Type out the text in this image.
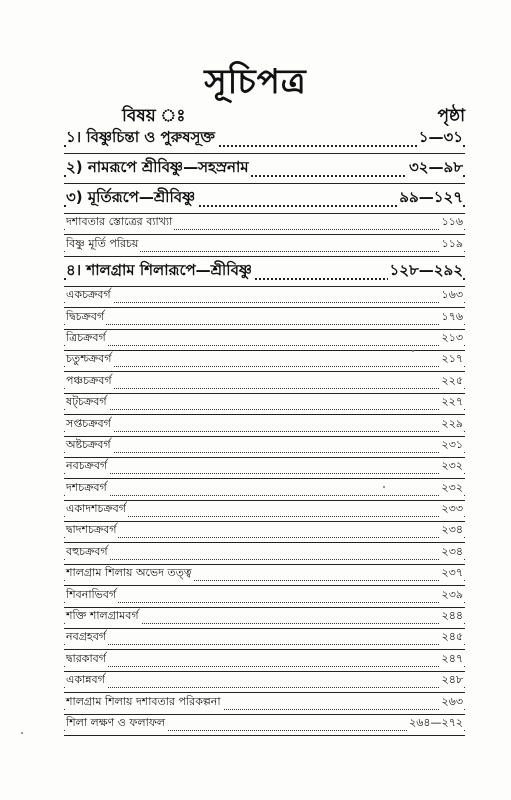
সূচিপত্র
বিষয় ঃ	পৃষ্ঠা
১। বিষ্ণুচিন্তা ও পুরুষসূক্ত	১—৩১
২) নামরূপে শ্রীবিষ্ণু—সহস্রনাম	৩২—৯৮
৩) মূর্তিরূপে—শ্রীবিষ্ণু	৯৯—১২৭
দশাবতার স্তোত্রের ব্যাখ্যা	১১৬
বিষ্ণু মূর্তি পরিচয়	১১৯
৪। শালগ্রাম শিলারূপে—শ্রীবিষ্ণু	১২৮—২৯২
একচক্রবর্গ	১৬৩
দ্বিচক্রবর্গ	১৭৬
ত্রিচক্রবর্গ	২১৩
চতুশ্চক্রবর্গ	২১৭
পঞ্চচক্রবর্গ	২২৫
ষট্চক্রবর্গ	২২৭
সপ্তচক্রবর্গ	২২৯
অষ্টচক্রবর্গ	২৩১
নবচক্রবর্গ	২৩২
দশচক্রবর্গ	২৩২
একাদশচক্রবর্গ	২৩৩
দ্বাদশচক্রবর্গ	২৩৪
বহুচক্রবর্গ	২৩৪
শালগ্রাম শিলায় অভেদ তত্ত্ব	২৩৭
শিবনাভিবর্গ	২৩৯
শক্তি শালগ্রামবর্গ	২৪৪
নবগ্রহবর্গ	২৪৫
দ্বারকাবর্গ	২৪৭
একান্নবর্গ	২৪৮
শালগ্রাম শিলায় দশাবতার পরিকল্পনা	২৬৩
শিলা লক্ষণ ও ফলাফল	২৬৪—২৭২
